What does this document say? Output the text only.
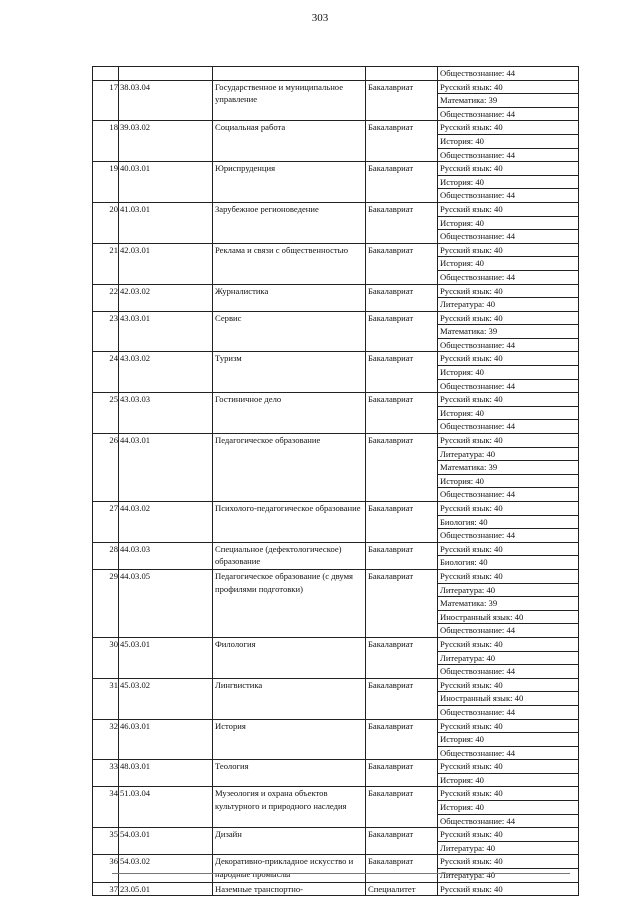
303
				Обществознание: 44
17	38.03.04	Государственное и муниципальное управление	Бакалавриат	Русский язык: 40
				Математика: 39
				Обществознание: 44
18	39.03.02	Социальная работа	Бакалавриат	Русский язык: 40
				История: 40
				Обществознание: 44
19	40.03.01	Юриспруденция	Бакалавриат	Русский язык: 40
				История: 40
				Обществознание: 44
20	41.03.01	Зарубежное регионоведение	Бакалавриат	Русский язык: 40
				История: 40
				Обществознание: 44
21	42.03.01	Реклама и связи с общественностью	Бакалавриат	Русский язык: 40
				История: 40
				Обществознание: 44
22	42.03.02	Журналистика	Бакалавриат	Русский язык: 40
				Литература: 40
23	43.03.01	Сервис	Бакалавриат	Русский язык: 40
				Математика: 39
				Обществознание: 44
24	43.03.02	Туризм	Бакалавриат	Русский язык: 40
				История: 40
				Обществознание: 44
25	43.03.03	Гостиничное дело	Бакалавриат	Русский язык: 40
				История: 40
				Обществознание: 44
26	44.03.01	Педагогическое образование	Бакалавриат	Русский язык: 40
				Литература: 40
				Математика: 39
				История: 40
				Обществознание: 44
27	44.03.02	Психолого-педагогическое образование	Бакалавриат	Русский язык: 40
				Биология: 40
				Обществознание: 44
28	44.03.03	Специальное (дефектологическое) образование	Бакалавриат	Русский язык: 40
				Биология: 40
29	44.03.05	Педагогическое образование (с двумя профилями подготовки)	Бакалавриат	Русский язык: 40
				Литература: 40
				Математика: 39
				Иностранный язык: 40
				Обществознание: 44
30	45.03.01	Филология	Бакалавриат	Русский язык: 40
				Литература: 40
				Обществознание: 44
31	45.03.02	Лингвистика	Бакалавриат	Русский язык: 40
				Иностранный язык: 40
				Обществознание: 44
32	46.03.01	История	Бакалавриат	Русский язык: 40
				История: 40
				Обществознание: 44
33	48.03.01	Теология	Бакалавриат	Русский язык: 40
				История: 40
34	51.03.04	Музеология и охрана объектов культурного и природного наследия	Бакалавриат	Русский язык: 40
				История: 40
				Обществознание: 44
35	54.03.01	Дизайн	Бакалавриат	Русский язык: 40
				Литература: 40
36	54.03.02	Декоративно-прикладное искусство и народные промыслы	Бакалавриат	Русский язык: 40
				Литература: 40
37	23.05.01	Наземные транспортно-	Специалитет	Русский язык: 40
